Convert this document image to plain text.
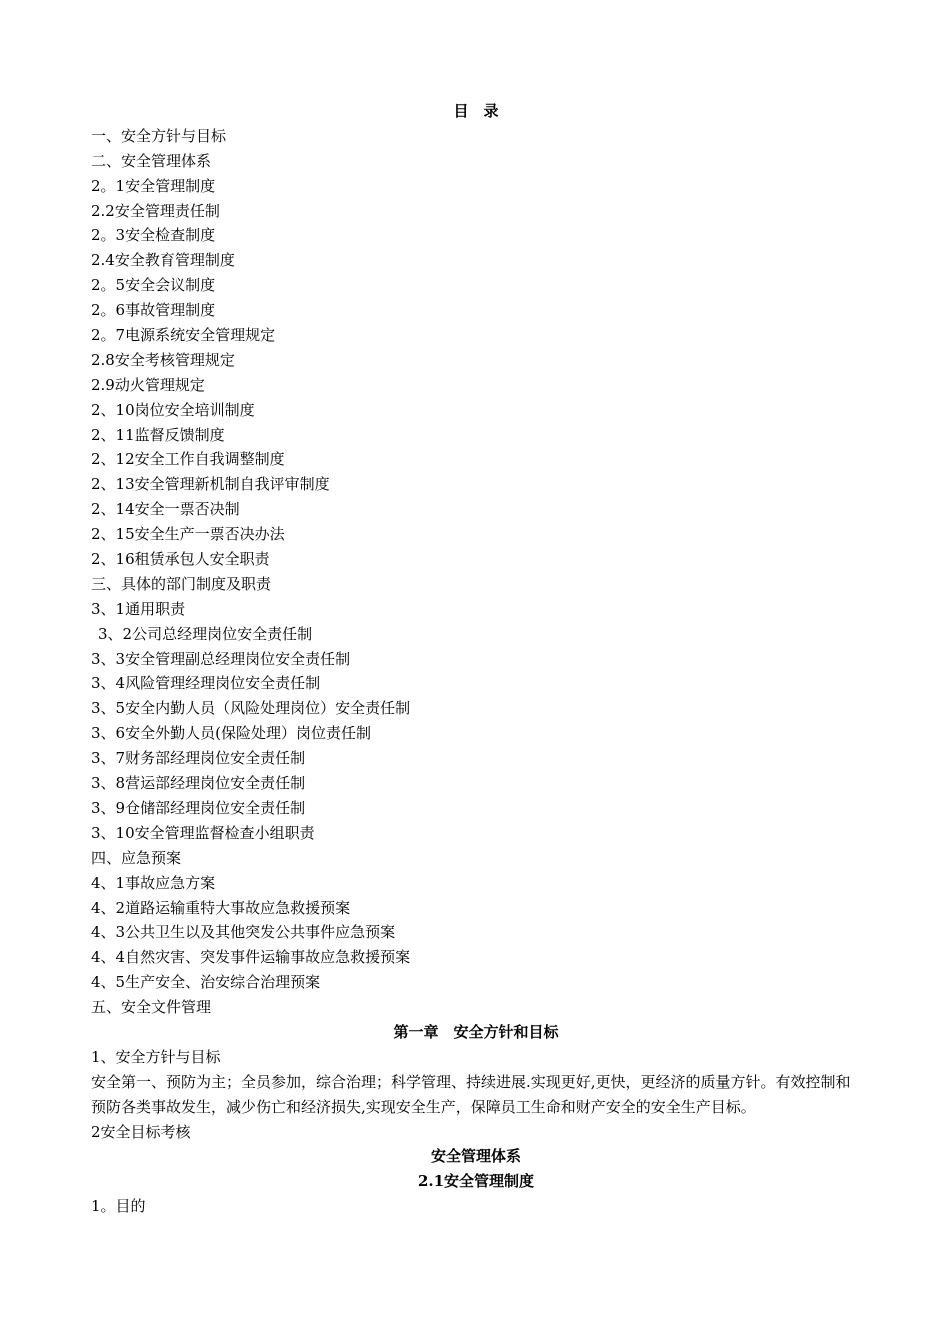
目　录
一、安全方针与目标
二、安全管理体系
2。1安全管理制度
2.2安全管理责任制
2。3安全检查制度
2.4安全教育管理制度
2。5安全会议制度
2。6事故管理制度
2。7电源系统安全管理规定
2.8安全考核管理规定
2.9动火管理规定
2、10岗位安全培训制度
2、11监督反馈制度
2、12安全工作自我调整制度
2、13安全管理新机制自我评审制度
2、14安全一票否决制
2、15安全生产一票否决办法
2、16租赁承包人安全职责
三、具体的部门制度及职责
3、1通用职责
3、2公司总经理岗位安全责任制
3、3安全管理副总经理岗位安全责任制
3、4风险管理经理岗位安全责任制
3、5安全内勤人员（风险处理岗位）安全责任制
3、6安全外勤人员(保险处理）岗位责任制
3、7财务部经理岗位安全责任制
3、8营运部经理岗位安全责任制
3、9仓储部经理岗位安全责任制
3、10安全管理监督检查小组职责
四、应急预案
4、1事故应急方案
4、2道路运输重特大事故应急救援预案
4、3公共卫生以及其他突发公共事件应急预案
4、4自然灾害、突发事件运输事故应急救援预案
4、5生产安全、治安综合治理预案
五、安全文件管理
第一章　安全方针和目标
1、安全方针与目标
安全第一、预防为主；全员参加，综合治理；科学管理、持续进展.实现更好,更快，更经济的质量方针。有效控制和预防各类事故发生，减少伤亡和经济损失,实现安全生产，保障员工生命和财产安全的安全生产目标。
2安全目标考核
安全管理体系
2.1安全管理制度
1。目的
